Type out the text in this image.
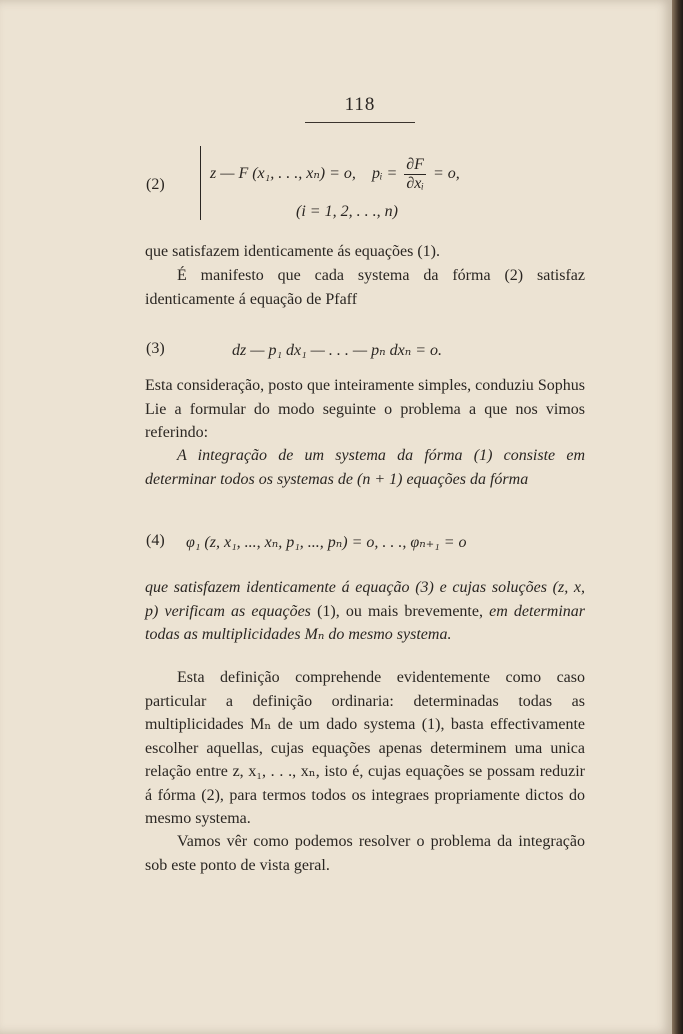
118
(2)
z — F (x₁, . . ., xₙ) = o, pᵢ = $\frac{\partial F}{\text{∂xᵢ}} = o$,
(i = 1, 2, . . ., n)

que satisfazem identicamente ás equações (1).

É manifesto que cada systema da fórma (2) satisfaz identicamente á equação de Pfaff

(3)	dz — p₁ dx₁ — . . . — pₙ dxₙ = o.

Esta consideração, posto que inteiramente simples, conduziu Sophus Lie a formular do modo seguinte o problema a que nos vimos referindo:

A integração de um systema da fórma (1) consiste em determinar todos os systemas de (n + 1) equações da fórma

(4) φ₁ (z, x₁, ..., xₙ, p₁, ..., pₙ) = o, . . ., φₙ₊₁ = o

que satisfazem identicamente á equação (3) e cujas soluções (z, x, p) verificam as equações (1), ou mais brevemente, em determinar todas as multiplicidades Mₙ do mesmo systema.

Esta definição comprehende evidentemente como caso particular a definição ordinaria: determinadas todas as multiplicidades Mₙ de um dado systema (1), basta effectivamente escolher aquellas, cujas equações apenas determinem uma unica relação entre z, x₁, . . ., xₙ, isto é, cujas equações se possam reduzir á fórma (2), para termos todos os integraes propriamente dictos do mesmo systema.

Vamos vêr como podemos resolver o problema da integração sob este ponto de vista geral.
